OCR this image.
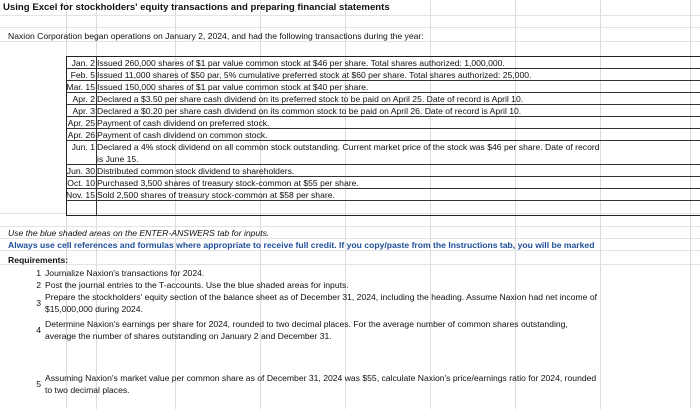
Using Excel for stockholders' equity transactions and preparing financial statements
Naxion Corporation began operations on January 2, 2024, and had the following transactions during the year:
Jan. 2 Issued 260,000 shares of $1 par value common stock at $46 per share. Total shares authorized: 1,000,000.
Feb. 5 Issued 11,000 shares of $50 par, 5% cumulative preferred stock at $60 per share. Total shares authorized: 25,000.
Mar. 15 Issued 150,000 shares of $1 par value common stock at $40 per share.
Apr. 2 Declared a $3.50 per share cash dividend on its preferred stock to be paid on April 25. Date of record is April 10.
Apr. 3 Declared a $0.20 per share cash dividend on its common stock to be paid on April 26. Date of record is April 10.
Apr. 25 Payment of cash dividend on preferred stock.
Apr. 26 Payment of cash dividend on common stock.
Jun. 1 Declared a 4% stock dividend on all common stock outstanding. Current market price of the stock was $46 per share. Date of record
is June 15.
Jun. 30 Distributed common stock dividend to shareholders.
Oct. 10 Purchased 3,500 shares of treasury stock-common at $55 per share.
Nov. 15 Sold 2,500 shares of treasury stock-common at $58 per share.
Use the blue shaded areas on the ENTER-ANSWERS tab for inputs.
Always use cell references and formulas where appropriate to receive full credit. If you copy/paste from the Instructions tab, you will be marked
Requirements:
1 Journalize Naxion's transactions for 2024.
2 Post the journal entries to the T-accounts. Use the blue shaded areas for inputs.
3
Prepare the stockholders' equity section of the balance sheet as of December 31, 2024, including the heading. Assume Naxion had net income of
$15,000,000 during 2024.
4
Determine Naxion's earnings per share for 2024, rounded to two decimal places. For the average number of common shares outstanding,
average the number of shares outstanding on January 2 and December 31.
5
Assuming Naxion's market value per common share as of December 31, 2024 was $55, calculate Naxion's price/earnings ratio for 2024, rounded
to two decimal places.
